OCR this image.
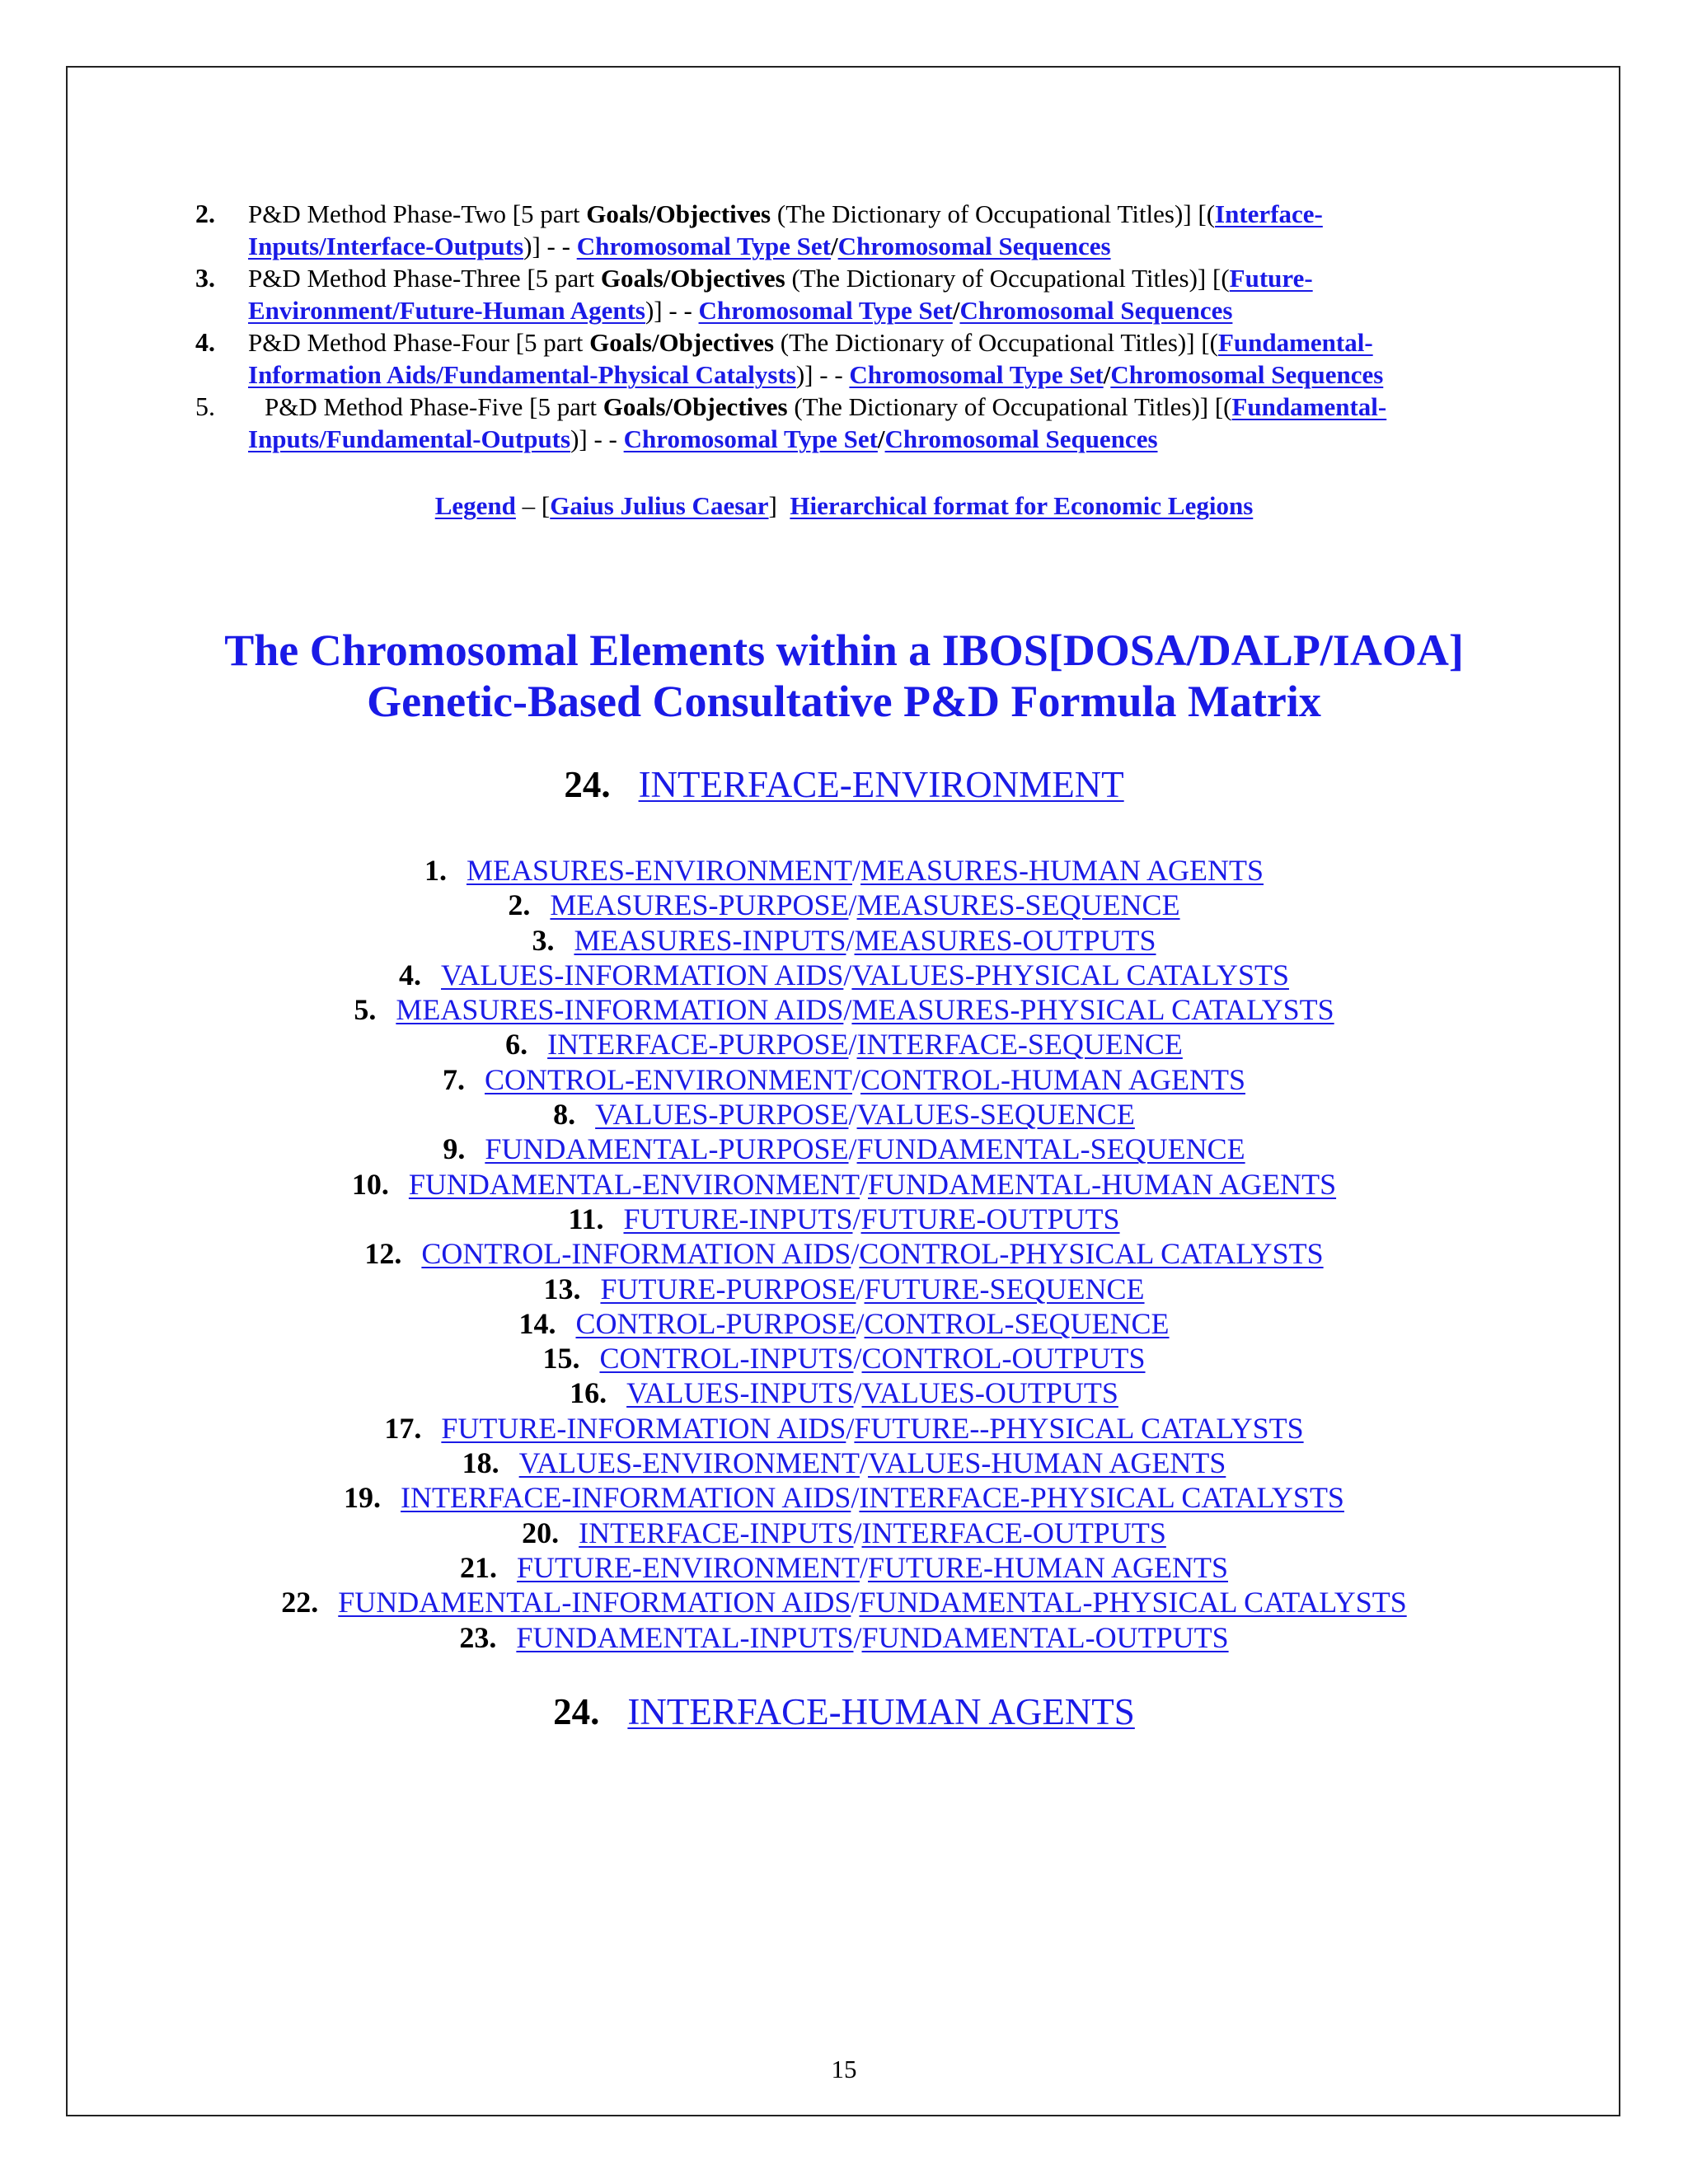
2. P&D Method Phase-Two [5 part Goals/Objectives (The Dictionary of Occupational Titles)] [(Interface-
Inputs/Interface-Outputs)] - - Chromosomal Type Set/Chromosomal Sequences
3. P&D Method Phase-Three [5 part Goals/Objectives (The Dictionary of Occupational Titles)] [(Future-
Environment/Future-Human Agents)] - - Chromosomal Type Set/Chromosomal Sequences
4. P&D Method Phase-Four [5 part Goals/Objectives (The Dictionary of Occupational Titles)] [(Fundamental-
Information Aids/Fundamental-Physical Catalysts)] - - Chromosomal Type Set/Chromosomal Sequences
5. P&D Method Phase-Five [5 part Goals/Objectives (The Dictionary of Occupational Titles)] [(Fundamental-
Inputs/Fundamental-Outputs)] - - Chromosomal Type Set/Chromosomal Sequences
Legend – [Gaius Julius Caesar]  Hierarchical format for Economic Legions
The Chromosomal Elements within a IBOS[DOSA/DALP/IAOA]
Genetic-Based Consultative P&D Formula Matrix
24. INTERFACE-ENVIRONMENT
1. MEASURES-ENVIRONMENT/MEASURES-HUMAN AGENTS
2. MEASURES-PURPOSE/MEASURES-SEQUENCE
3. MEASURES-INPUTS/MEASURES-OUTPUTS
4. VALUES-INFORMATION AIDS/VALUES-PHYSICAL CATALYSTS
5. MEASURES-INFORMATION AIDS/MEASURES-PHYSICAL CATALYSTS
6. INTERFACE-PURPOSE/INTERFACE-SEQUENCE
7. CONTROL-ENVIRONMENT/CONTROL-HUMAN AGENTS
8. VALUES-PURPOSE/VALUES-SEQUENCE
9. FUNDAMENTAL-PURPOSE/FUNDAMENTAL-SEQUENCE
10. FUNDAMENTAL-ENVIRONMENT/FUNDAMENTAL-HUMAN AGENTS
11. FUTURE-INPUTS/FUTURE-OUTPUTS
12. CONTROL-INFORMATION AIDS/CONTROL-PHYSICAL CATALYSTS
13. FUTURE-PURPOSE/FUTURE-SEQUENCE
14. CONTROL-PURPOSE/CONTROL-SEQUENCE
15. CONTROL-INPUTS/CONTROL-OUTPUTS
16. VALUES-INPUTS/VALUES-OUTPUTS
17. FUTURE-INFORMATION AIDS/FUTURE--PHYSICAL CATALYSTS
18. VALUES-ENVIRONMENT/VALUES-HUMAN AGENTS
19. INTERFACE-INFORMATION AIDS/INTERFACE-PHYSICAL CATALYSTS
20. INTERFACE-INPUTS/INTERFACE-OUTPUTS
21. FUTURE-ENVIRONMENT/FUTURE-HUMAN AGENTS
22. FUNDAMENTAL-INFORMATION AIDS/FUNDAMENTAL-PHYSICAL CATALYSTS
23. FUNDAMENTAL-INPUTS/FUNDAMENTAL-OUTPUTS
24. INTERFACE-HUMAN AGENTS
15
